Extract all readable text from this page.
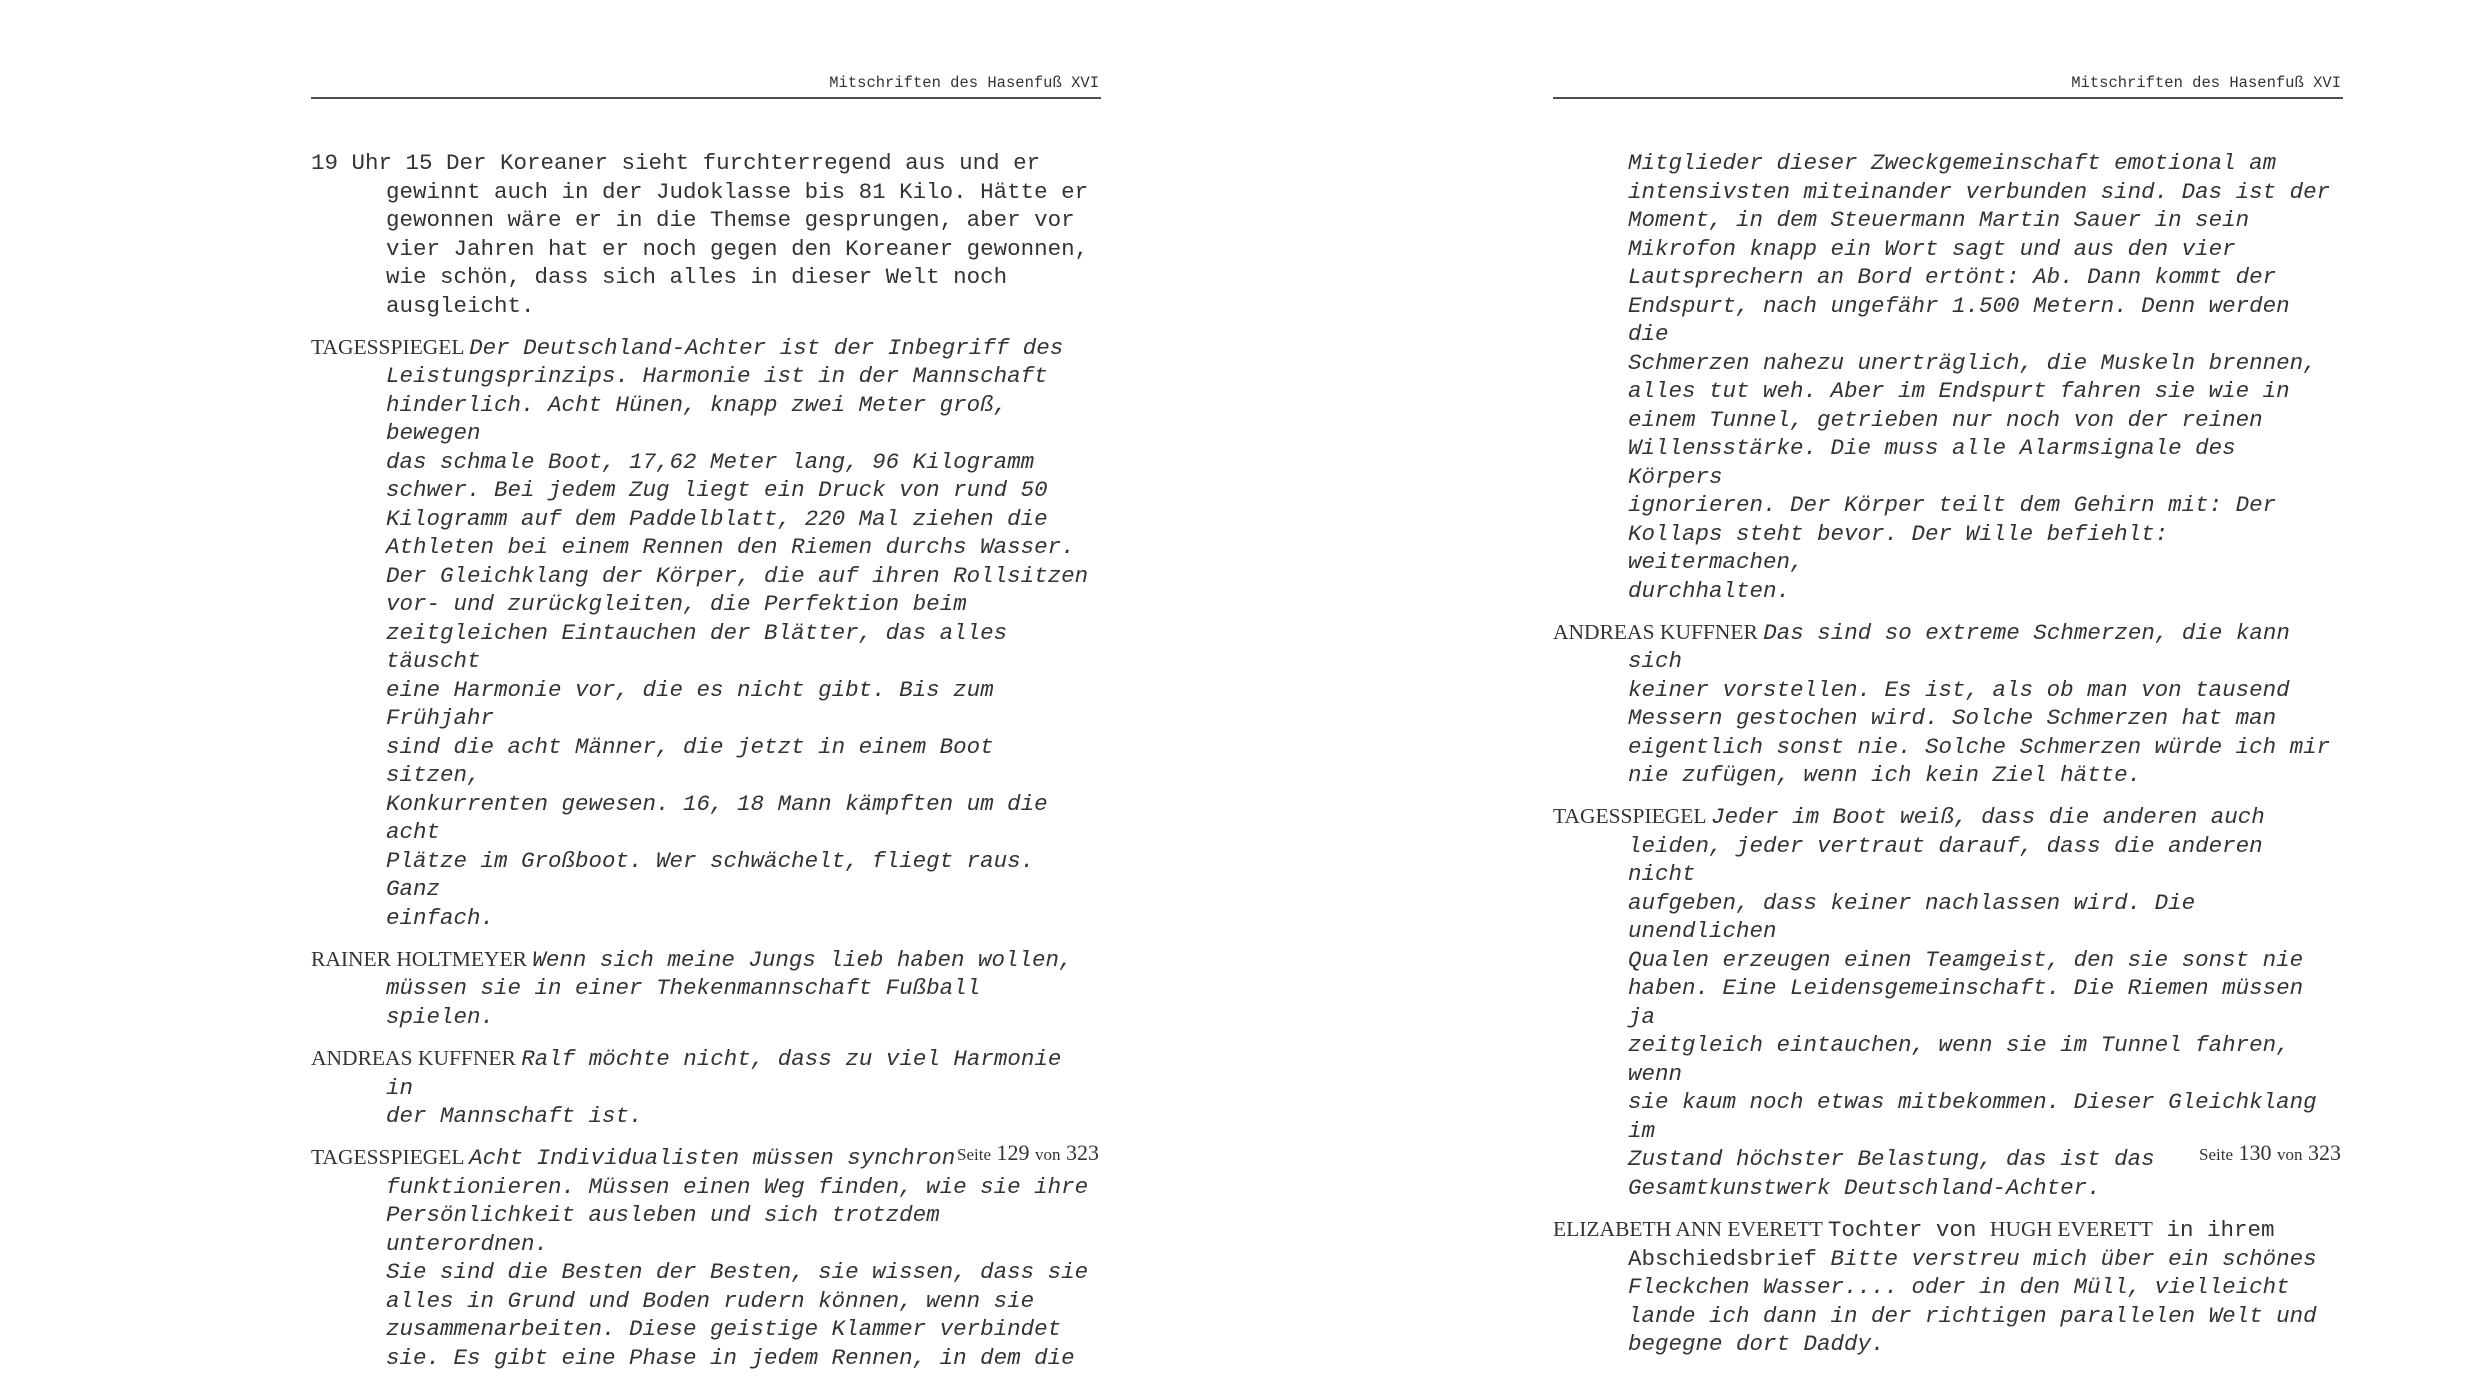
Mitschriften des Hasenfuß XVI
19 Uhr 15 Der Koreaner sieht furchterregend aus und er
gewinnt auch in der Judoklasse bis 81 Kilo. Hätte er
gewonnen wäre er in die Themse gesprungen, aber vor
vier Jahren hat er noch gegen den Koreaner gewonnen,
wie schön, dass sich alles in dieser Welt noch
ausgleicht.
TAGESSPIEGEL Der Deutschland-Achter ist der Inbegriff des
Leistungsprinzips. Harmonie ist in der Mannschaft
hinderlich. Acht Hünen, knapp zwei Meter groß, bewegen
das schmale Boot, 17,62 Meter lang, 96 Kilogramm
schwer. Bei jedem Zug liegt ein Druck von rund 50
Kilogramm auf dem Paddelblatt, 220 Mal ziehen die
Athleten bei einem Rennen den Riemen durchs Wasser.
Der Gleichklang der Körper, die auf ihren Rollsitzen
vor- und zurückgleiten, die Perfektion beim
zeitgleichen Eintauchen der Blätter, das alles täuscht
eine Harmonie vor, die es nicht gibt. Bis zum Frühjahr
sind die acht Männer, die jetzt in einem Boot sitzen,
Konkurrenten gewesen. 16, 18 Mann kämpften um die acht
Plätze im Großboot. Wer schwächelt, fliegt raus. Ganz
einfach.
RAINER HOLTMEYER Wenn sich meine Jungs lieb haben wollen,
müssen sie in einer Thekenmannschaft Fußball spielen.
ANDREAS KUFFNER Ralf möchte nicht, dass zu viel Harmonie in
der Mannschaft ist.
TAGESSPIEGEL Acht Individualisten müssen synchron
funktionieren. Müssen einen Weg finden, wie sie ihre
Persönlichkeit ausleben und sich trotzdem unterordnen.
Sie sind die Besten der Besten, sie wissen, dass sie
alles in Grund und Boden rudern können, wenn sie
zusammenarbeiten. Diese geistige Klammer verbindet
sie. Es gibt eine Phase in jedem Rennen, in dem die
Seite 129 von 323
Mitschriften des Hasenfuß XVI
Mitglieder dieser Zweckgemeinschaft emotional am
intensivsten miteinander verbunden sind. Das ist der
Moment, in dem Steuermann Martin Sauer in sein
Mikrofon knapp ein Wort sagt und aus den vier
Lautsprechern an Bord ertönt: Ab. Dann kommt der
Endspurt, nach ungefähr 1.500 Metern. Denn werden die
Schmerzen nahezu unerträglich, die Muskeln brennen,
alles tut weh. Aber im Endspurt fahren sie wie in
einem Tunnel, getrieben nur noch von der reinen
Willensstärke. Die muss alle Alarmsignale des Körpers
ignorieren. Der Körper teilt dem Gehirn mit: Der
Kollaps steht bevor. Der Wille befiehlt: weitermachen,
durchhalten.
ANDREAS KUFFNER Das sind so extreme Schmerzen, die kann sich
keiner vorstellen. Es ist, als ob man von tausend
Messern gestochen wird. Solche Schmerzen hat man
eigentlich sonst nie. Solche Schmerzen würde ich mir
nie zufügen, wenn ich kein Ziel hätte.
TAGESSPIEGEL Jeder im Boot weiß, dass die anderen auch
leiden, jeder vertraut darauf, dass die anderen nicht
aufgeben, dass keiner nachlassen wird. Die unendlichen
Qualen erzeugen einen Teamgeist, den sie sonst nie
haben. Eine Leidensgemeinschaft. Die Riemen müssen ja
zeitgleich eintauchen, wenn sie im Tunnel fahren, wenn
sie kaum noch etwas mitbekommen. Dieser Gleichklang im
Zustand höchster Belastung, das ist das
Gesamtkunstwerk Deutschland-Achter.
ELIZABETH ANN EVERETT Tochter von HUGH EVERETT in ihrem
Abschiedsbrief Bitte verstreu mich über ein schönes
Fleckchen Wasser.... oder in den Müll, vielleicht
lande ich dann in der richtigen parallelen Welt und
begegne dort Daddy.
Seite 130 von 323
